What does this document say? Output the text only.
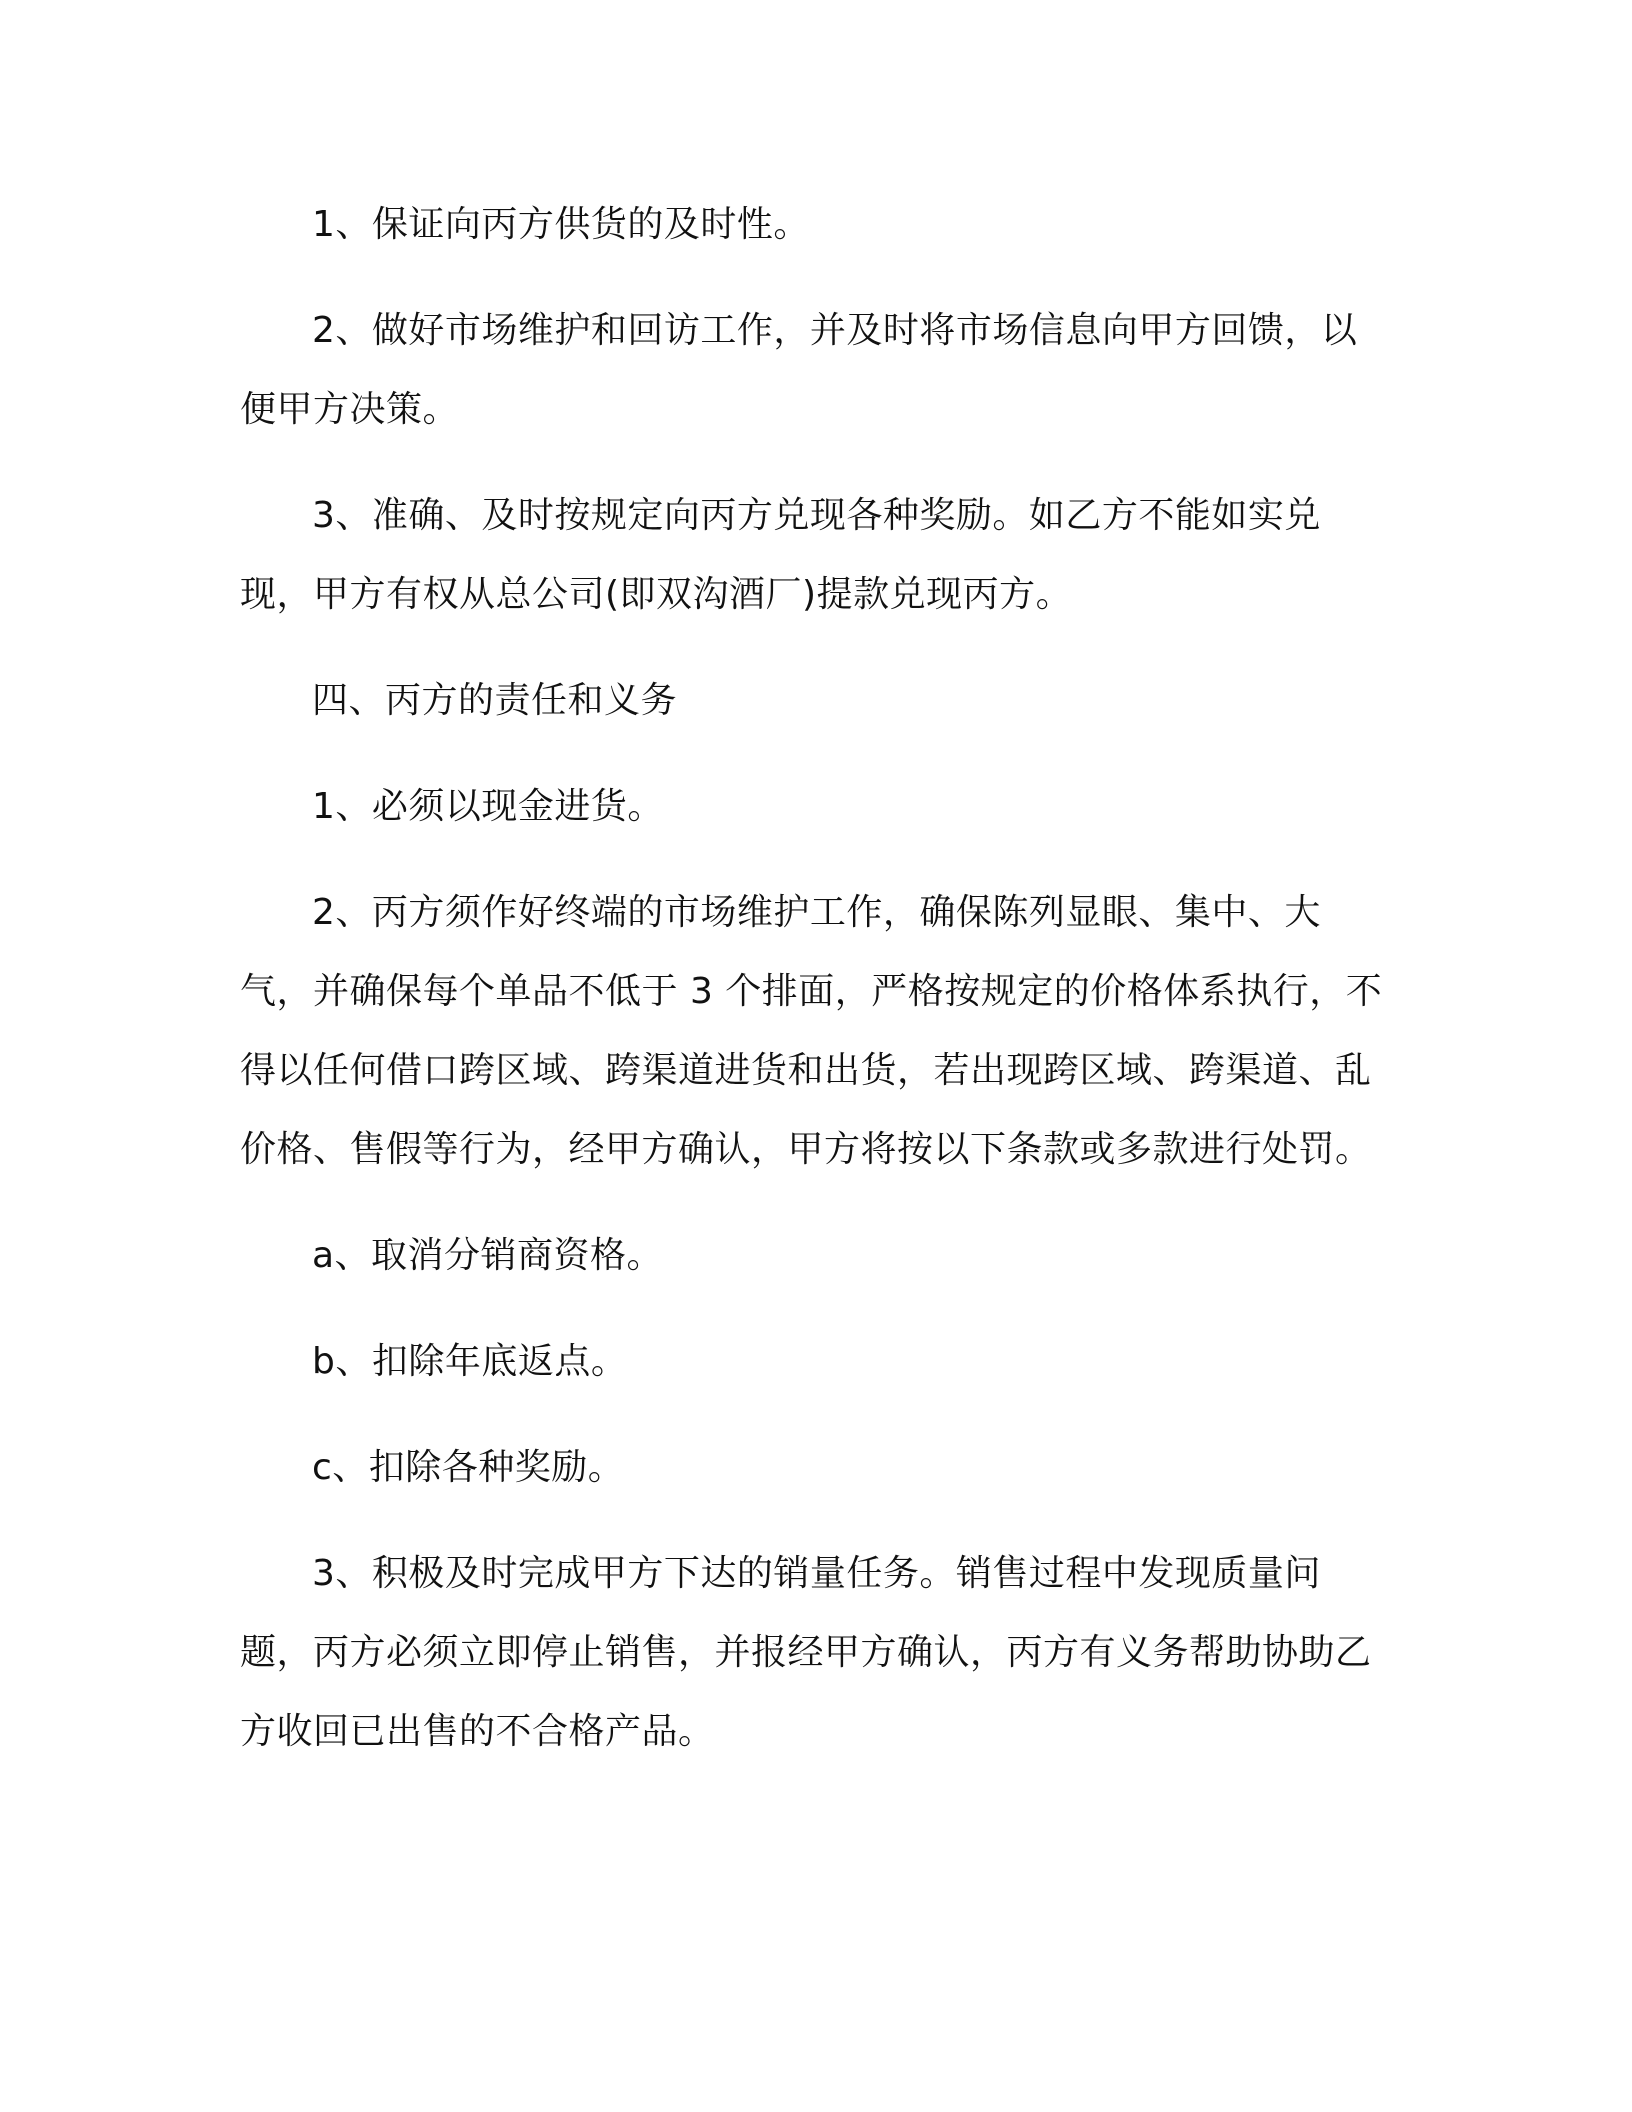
1、保证向丙方供货的及时性。

2、做好市场维护和回访工作，并及时将市场信息向甲方回馈，以便甲方决策。

3、准确、及时按规定向丙方兑现各种奖励。如乙方不能如实兑现，甲方有权从总公司(即双沟酒厂)提款兑现丙方。

四、丙方的责任和义务

1、必须以现金进货。

2、丙方须作好终端的市场维护工作，确保陈列显眼、集中、大气，并确保每个单品不低于 3 个排面，严格按规定的价格体系执行，不得以任何借口跨区域、跨渠道进货和出货，若出现跨区域、跨渠道、乱价格、售假等行为，经甲方确认，甲方将按以下条款或多款进行处罚。

a、取消分销商资格。

b、扣除年底返点。

c、扣除各种奖励。

3、积极及时完成甲方下达的销量任务。销售过程中发现质量问题，丙方必须立即停止销售，并报经甲方确认，丙方有义务帮助协助乙方收回已出售的不合格产品。
